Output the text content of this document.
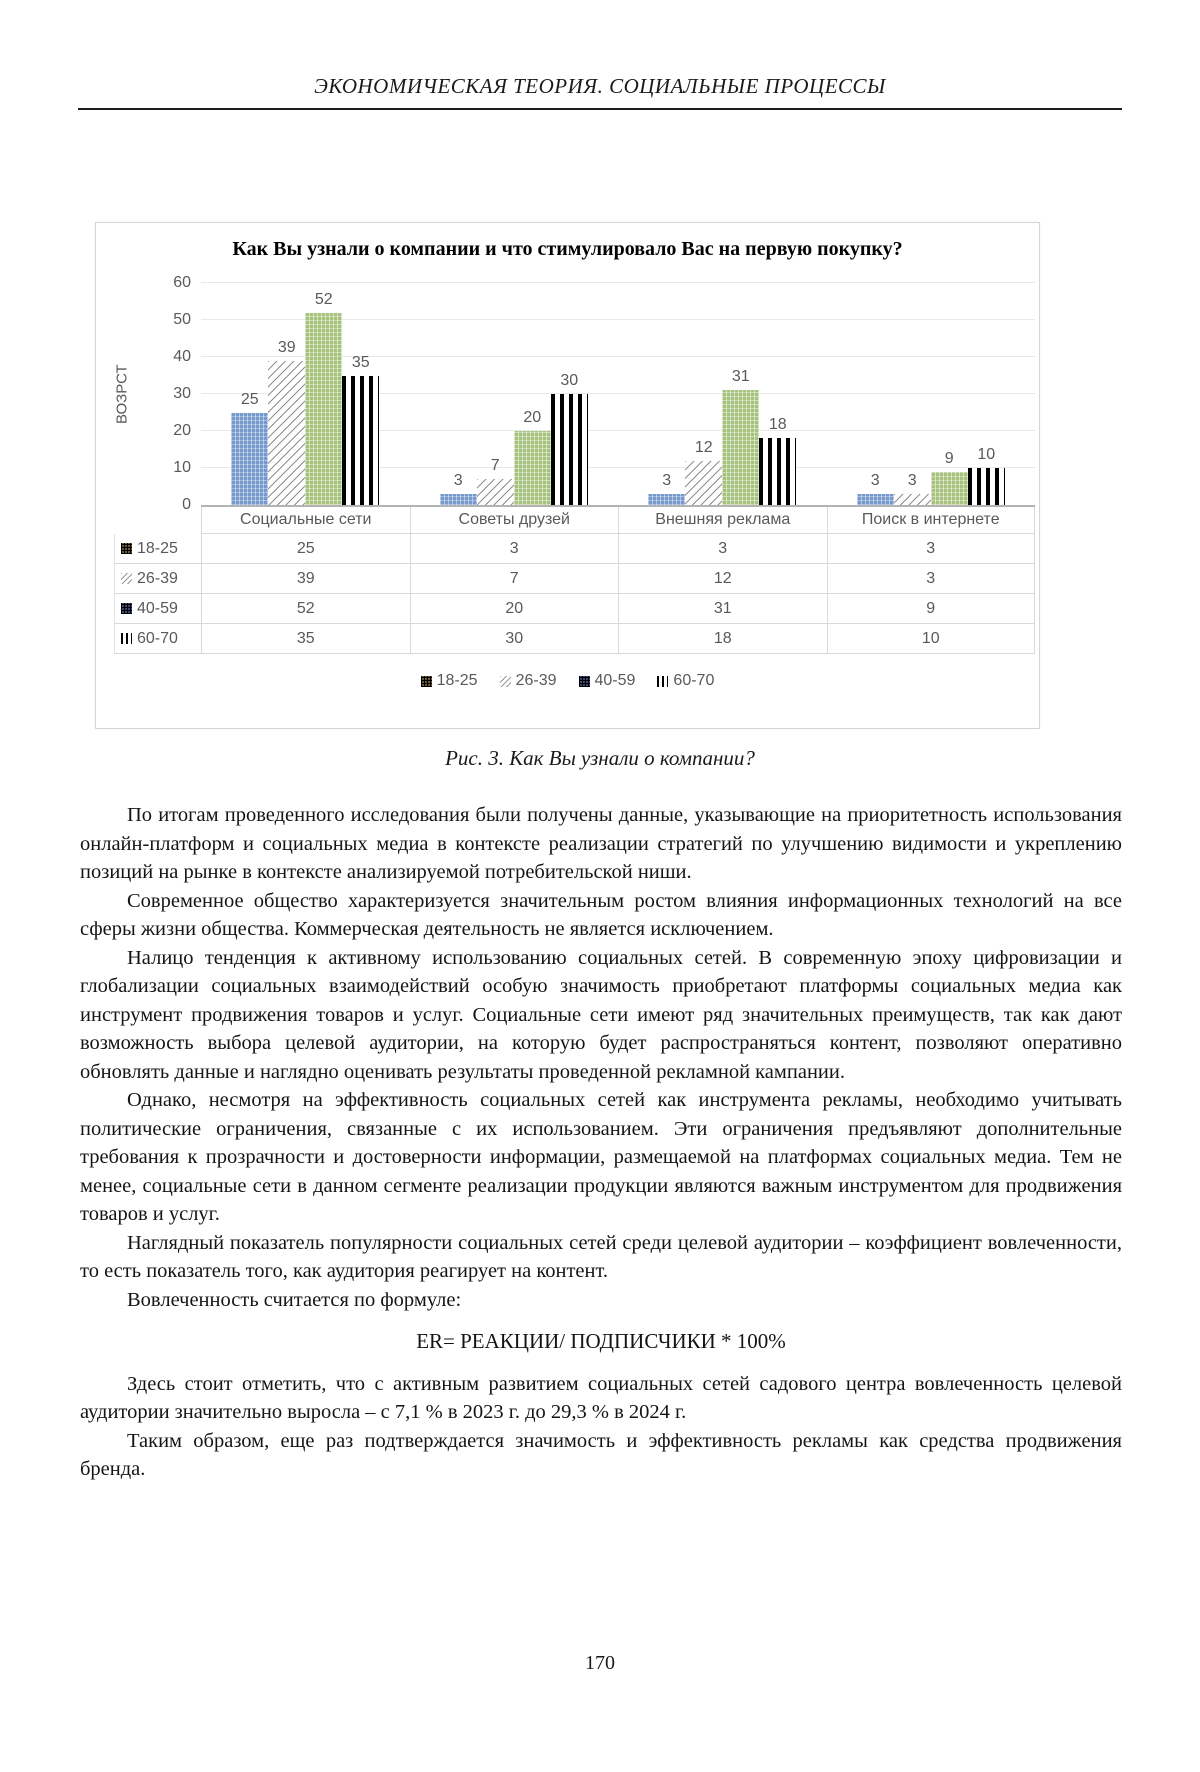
ЭКОНОМИЧЕСКАЯ ТЕОРИЯ. СОЦИАЛЬНЫЕ ПРОЦЕССЫ
Как Вы узнали о компании и что стимулировало Вас на первую покупку?
ВОЗРСТ
0
10
20
30
40
50
60
25
39
52
35
3
7
20
30
3
12
31
18
3 3
9 10
Социальные сети	Советы друзей	Внешняя реклама	Поиск в интернете
18-25	25	3	3	3
26-39	39	7	12	3
40-59	52	20	31	9
60-70	35	30	18	10
18-25 26-39 40-59 60-70
Рис. 3. Как Вы узнали о компании?

По итогам проведенного исследования были получены данные, указывающие на приоритетность использования онлайн-платформ и социальных медиа в контексте реализации стратегий по улучшению видимости и укреплению позиций на рынке в контексте анализируемой потребительской ниши.

Современное общество характеризуется значительным ростом влияния информационных технологий на все сферы жизни общества. Коммерческая деятельность не является исключением.

Налицо тенденция к активному использованию социальных сетей. В современную эпоху цифровизации и глобализации социальных взаимодействий особую значимость приобретают платформы социальных медиа как инструмент продвижения товаров и услуг. Социальные сети имеют ряд значительных преимуществ, так как дают возможность выбора целевой аудитории, на которую будет распространяться контент, позволяют оперативно обновлять данные и наглядно оценивать результаты проведенной рекламной кампании.

Однако, несмотря на эффективность социальных сетей как инструмента рекламы, необходимо учитывать политические ограничения, связанные с их использованием. Эти ограничения предъявляют дополнительные требования к прозрачности и достоверности информации, размещаемой на платформах социальных медиа. Тем не менее, социальные сети в данном сегменте реализации продукции являются важным инструментом для продвижения товаров и услуг.

Наглядный показатель популярности социальных сетей среди целевой аудитории – коэффициент вовлеченности, то есть показатель того, как аудитория реагирует на контент.

Вовлеченность считается по формуле:

ER= РЕАКЦИИ/ ПОДПИСЧИКИ * 100%

Здесь стоит отметить, что с активным развитием социальных сетей садового центра вовлеченность целевой аудитории значительно выросла – с 7,1 % в 2023 г. до 29,3 % в 2024 г.

Таким образом, еще раз подтверждается значимость и эффективность рекламы как средства продвижения бренда.

170
